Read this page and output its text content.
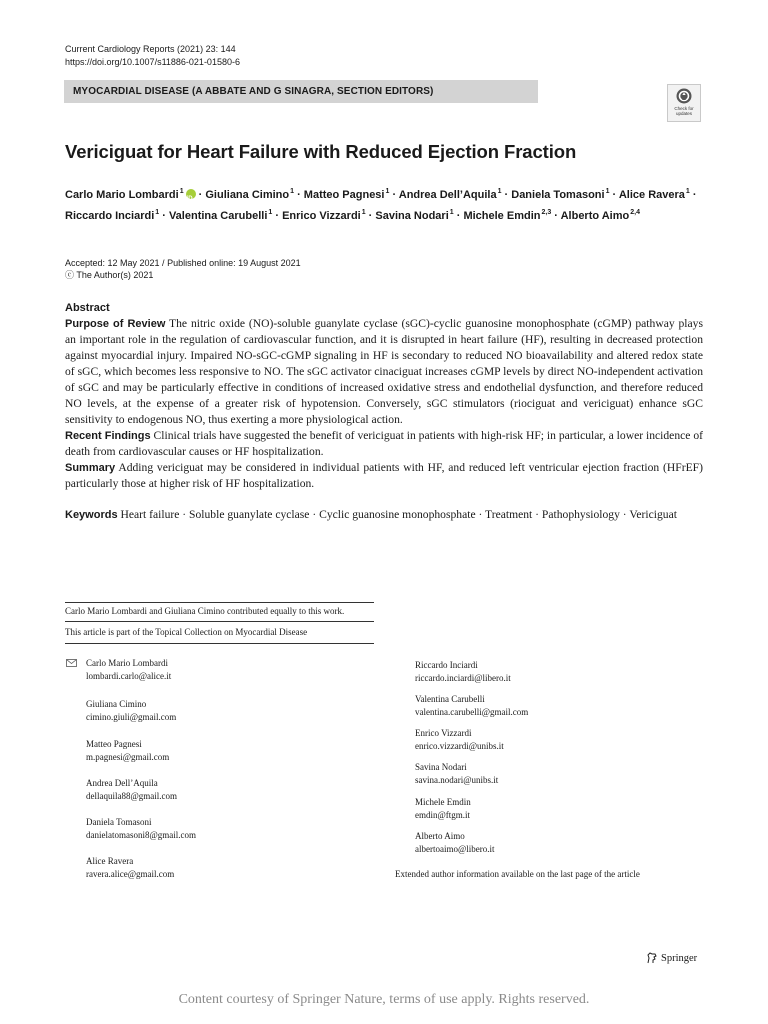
Current Cardiology Reports (2021) 23: 144
https://doi.org/10.1007/s11886-021-01580-6
MYOCARDIAL DISEASE (A ABBATE AND G SINAGRA, SECTION EDITORS)
Check for
updates
Vericiguat for Heart Failure with Reduced Ejection Fraction
Carlo Mario Lombardi$^1$iD · Giuliana Cimino$^1$ · Matteo Pagnesi$^1$ · Andrea Dell’Aquila$^1$ · Daniela Tomasoni$^1$ · Alice Ravera$^1$ · Riccardo Inciardi$^1$ · Valentina Carubelli$^1$ · Enrico Vizzardi$^1$ · Savina Nodari$^1$ · Michele Emdin$^{2,3}$ · Alberto Aimo$^{2,4}$
Accepted: 12 May 2021 / Published online: 19 August 2021
ⓒ The Author(s) 2021
Abstract

Purpose of Review The nitric oxide (NO)-soluble guanylate cyclase (sGC)-cyclic guanosine monophosphate (cGMP) pathway plays an important role in the regulation of cardiovascular function, and it is disrupted in heart failure (HF), resulting in decreased protection against myocardial injury. Impaired NO-sGC-cGMP signaling in HF is secondary to reduced NO bioavailability and altered redox state of sGC, which becomes less responsive to NO. The sGC activator cinaciguat increases cGMP levels by direct NO-independent activation of sGC and may be particularly effective in conditions of increased oxidative stress and endothelial dysfunction, and therefore reduced NO levels, at the expense of a greater risk of hypotension. Conversely, sGC stimulators (riociguat and vericiguat) enhance sGC sensitivity to endogenous NO, thus exerting a more physiological action.

Recent Findings Clinical trials have suggested the benefit of vericiguat in patients with high-risk HF; in particular, a lower incidence of death from cardiovascular causes or HF hospitalization.

Summary Adding vericiguat may be considered in individual patients with HF, and reduced left ventricular ejection fraction (HFrEF) particularly those at higher risk of HF hospitalization.

Keywords Heart failure · Soluble guanylate cyclase · Cyclic guanosine monophosphate · Treatment · Pathophysiology · Vericiguat
Carlo Mario Lombardi and Giuliana Cimino contributed equally to this work.
This article is part of the Topical Collection on Myocardial Disease
Carlo Mario Lombardi
lombardi.carlo@alice.it
Giuliana Cimino
cimino.giuli@gmail.com
Matteo Pagnesi
m.pagnesi@gmail.com
Andrea Dell’Aquila
dellaquila88@gmail.com
Daniela Tomasoni
danielatomasoni8@gmail.com
Alice Ravera
ravera.alice@gmail.com
Riccardo Inciardi
riccardo.inciardi@libero.it
Valentina Carubelli
valentina.carubelli@gmail.com
Enrico Vizzardi
enrico.vizzardi@unibs.it
Savina Nodari
savina.nodari@unibs.it
Michele Emdin
emdin@ftgm.it
Alberto Aimo
albertoaimo@libero.it
Extended author information available on the last page of the article
Springer
Content courtesy of Springer Nature, terms of use apply. Rights reserved.
